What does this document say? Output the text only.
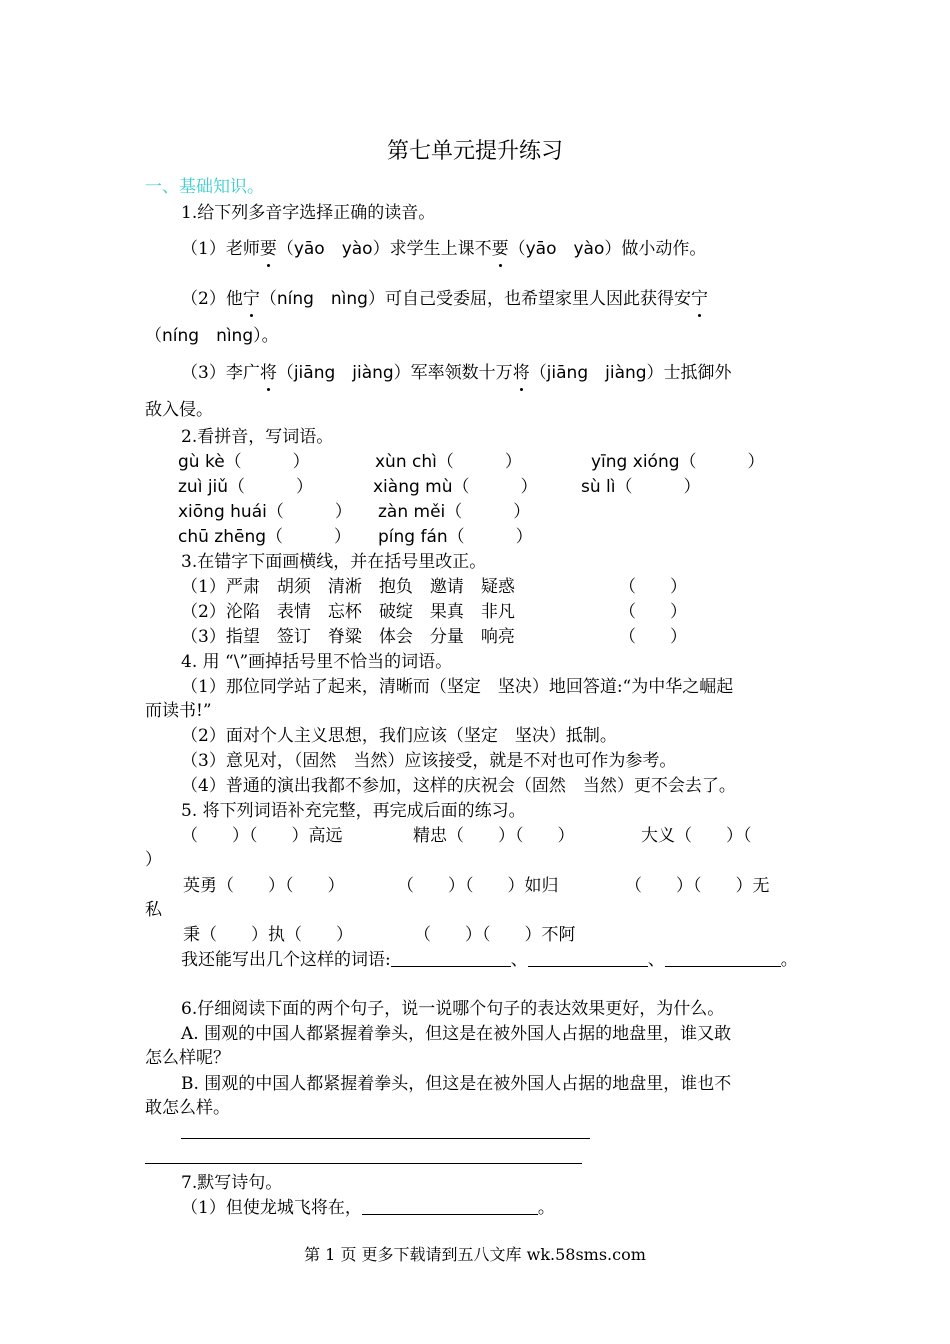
第七单元提升练习
一、基础知识。
1.给下列多音字选择正确的读音。
（1）老师要（yāo　yào）求学生上课不要（yāo　yào）做小动作。
（2）他宁（níng　nìng）可自己受委屈，也希望家里人因此获得安宁
（níng　nìng）。
（3）李广将（jiāng　jiàng）军率领数十万将（jiāng　jiàng）士抵御外
敌入侵。
2.看拼音，写词语。
gù kè（　　　）	xùn chì（　　　）	yīng xióng（　　　）
zuì jiǔ（　　　）	xiàng mù（　　　）	sù lì（　　　）
xiōng huái（　　　） zàn měi（　　　）
chū zhēng（　　　） píng fán（　　　）
3.在错字下面画横线，并在括号里改正。
（1）严肃　胡须　清淅　抱负　邀请　疑惑	（　　）
（2）沦陷　表情　忘杯　破绽　果真　非凡	（　　）
（3）指望　签订　脊粱　体会　分量　响亮	（　　）
4. 用 “\”画掉括号里不恰当的词语。
（1）那位同学站了起来，清晰而（坚定　坚决）地回答道:“为中华之崛起
而读书!”
（2）面对个人主义思想，我们应该（坚定　坚决）抵制。
（3）意见对，（固然　当然）应该接受，就是不对也可作为参考。
（4）普通的演出我都不参加，这样的庆祝会（固然　当然）更不会去了。
5. 将下列词语补充完整，再完成后面的练习。
（　　）（　　）高远	精忠（　　）（　　）	大义（　　）（
）
英勇（　　）（　　）	（　　）（　　）如归	（　　）（　　）无
私
秉（　　）执（　　）	（　　）（　　）不阿
我还能写出几个这样的词语:	、	、	。
6.仔细阅读下面的两个句子，说一说哪个句子的表达效果更好，为什么。
A. 围观的中国人都紧握着拳头，但这是在被外国人占据的地盘里，谁又敢
怎么样呢？
B. 围观的中国人都紧握着拳头，但这是在被外国人占据的地盘里，谁也不
敢怎么样。
7.默写诗句。
（1）但使龙城飞将在，	。
第 1 页 更多下载请到五八文库 wk.58sms.com
